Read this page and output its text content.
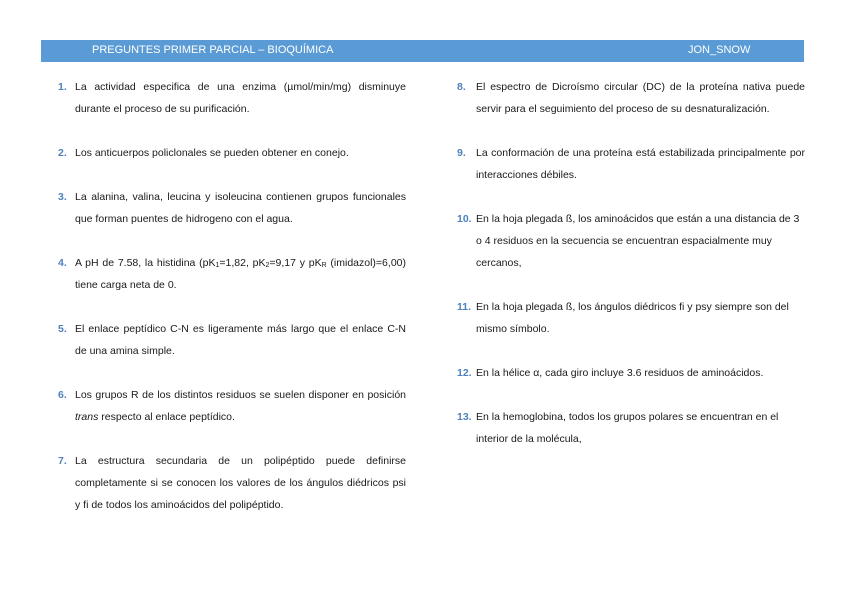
PREGUNTES PRIMER PARCIAL – BIOQUÍMICA	JON_SNOW

1. La actividad especifica de una enzima (µmol/min/mg) disminuye durante el proceso de su purificación.

2. Los anticuerpos policlonales se pueden obtener en conejo.

3. La alanina, valina, leucina y isoleucina contienen grupos funcionales que forman puentes de hidrogeno con el agua.

4. A pH de 7.58, la histidina ($pK_1=1,82$, $pK_2=9,17$ y $pK_R$ (imidazol)=6,00) tiene carga neta de 0.

5. El enlace peptídico C-N es ligeramente más largo que el enlace C-N de una amina simple.

6. Los grupos R de los distintos residuos se suelen disponer en posición trans respecto al enlace peptídico.

7. La estructura secundaria de un polipéptido puede definirse completamente si se conocen los valores de los ángulos diédricos psi y fi de todos los aminoácidos del polipéptido.

8. El espectro de Dicroísmo circular (DC) de la proteína nativa puede servir para el seguimiento del proceso de su desnaturalización.

9. La conformación de una proteína está estabilizada principalmente por interacciones débiles.

10. En la hoja plegada ß, los aminoácidos que están a una distancia de 3 o 4 residuos en la secuencia se encuentran espacialmente muy cercanos,

11. En la hoja plegada ß, los ángulos diédricos fi y psy siempre son del mismo símbolo.

12. En la hélice α, cada giro incluye 3.6 residuos de aminoácidos.

13. En la hemoglobina, todos los grupos polares se encuentran en el interior de la molécula,
